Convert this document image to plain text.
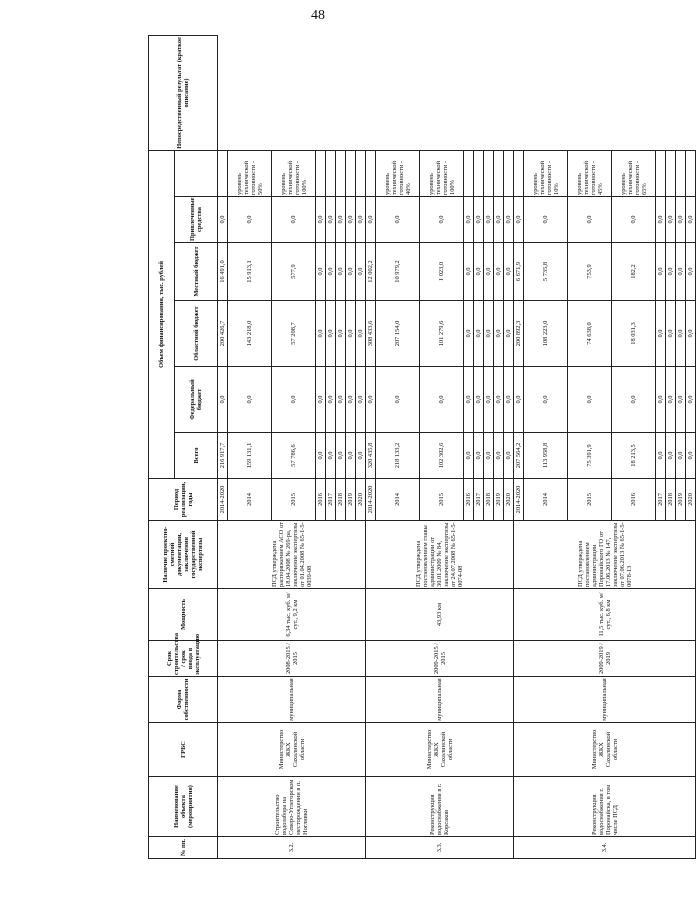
48
№ пп.	Наименование объекта (мероприятия)	ГРБС	Форма собственности	Срок строительства / срок ввода в эксплуатацию	Мощность	Наличие проектно-сметной документации, заключения государственной экспертизы	Период реализации, годы	Объем финансирования, тыс. рублей						Непосредственный результат (краткое описание)
								Всего	Федеральный бюджет	Областной бюджет	Местный бюджет	Привлеченные средства		
3.2.	Строительство водозабора на Северо-Углегорском месторождении в п. Ногливки	Министерство ЖКХ Сахалинской области	муниципальная	2008-2015 / 2015	6,34 тыс. куб. м/сут., 9,2 км	ПСД утверждена распоряжением АСО от 18.04.2008 № 269-ра, заключение экспертизы от 01.04.2008 № 65-1-5-0039-08	2014-2020	216 917,7	0,0	200 426,7	16 491,0	0,0		
							2014	159 131,1	0,0	143 218,0	15 913,1	0,0	уровень технической готовности - 50%	
							2015	57 786,6	0,0	57 208,7	577,9	0,0	уровень технической готовности - 100%	
							2016	0,0	0,0	0,0	0,0	0,0		
							2017	0,0	0,0	0,0	0,0	0,0		
							2018	0,0	0,0	0,0	0,0	0,0		
							2019	0,0	0,0	0,0	0,0	0,0		
							2020	0,0	0,0	0,0	0,0	0,0		
3.3.	Реконструкция водоснабжения в г. Корсаков	Министерство ЖКХ Сахалинской области	муниципальная	2009-2015 / 2015	43,93 км	ПСД утверждена постановлением главы администрации от 30.01.2009 № 84, заключение экспертизы от 24.07.2008 № 65-1-5-0074-08	2014-2020	320 435,8	0,0	308 433,6	12 002,2	0,0		
							2014	218 133,2	0,0	207 154,0	10 979,2	0,0	уровень технической готовности - 40%	
							2015	102 302,6	0,0	101 279,6	1 023,0	0,0	уровень технической готовности - 100%	
							2016	0,0	0,0	0,0	0,0	0,0		
							2017	0,0	0,0	0,0	0,0	0,0		
							2018	0,0	0,0	0,0	0,0	0,0		
							2019	0,0	0,0	0,0	0,0	0,0		
							2020	0,0	0,0	0,0	0,0	0,0		
3.4.	Реконструкция водоснабжения г. Поронайска, в том числе ПСД	Министерство ЖКХ Сахалинской области	муниципальная	2009-2019 / 2019	11,5 тыс. куб. м/сут., 6,8 км	ПСД утверждена постановлением администрации Поронайского ГО от 17.06.2013 № 147, заключение экспертизы от 07.06.2013 № 65-1-5-0078-13	2014-2020	207 564,2	0,0	200 892,3	6 671,9	0,0		
							2014	113 958,8	0,0	108 223,0	5 735,8	0,0	уровень технической готовности - 10%	
							2015	75 391,9	0,0	74 638,0	753,9	0,0	уровень технической готовности - 45%	
							2016	18 213,5	0,0	18 031,3	182,2	0,0	уровень технической готовности - 65%	
							2017	0,0	0,0	0,0	0,0	0,0		
							2018	0,0	0,0	0,0	0,0	0,0		
							2019	0,0	0,0	0,0	0,0	0,0		
							2020	0,0	0,0	0,0	0,0	0,0		
